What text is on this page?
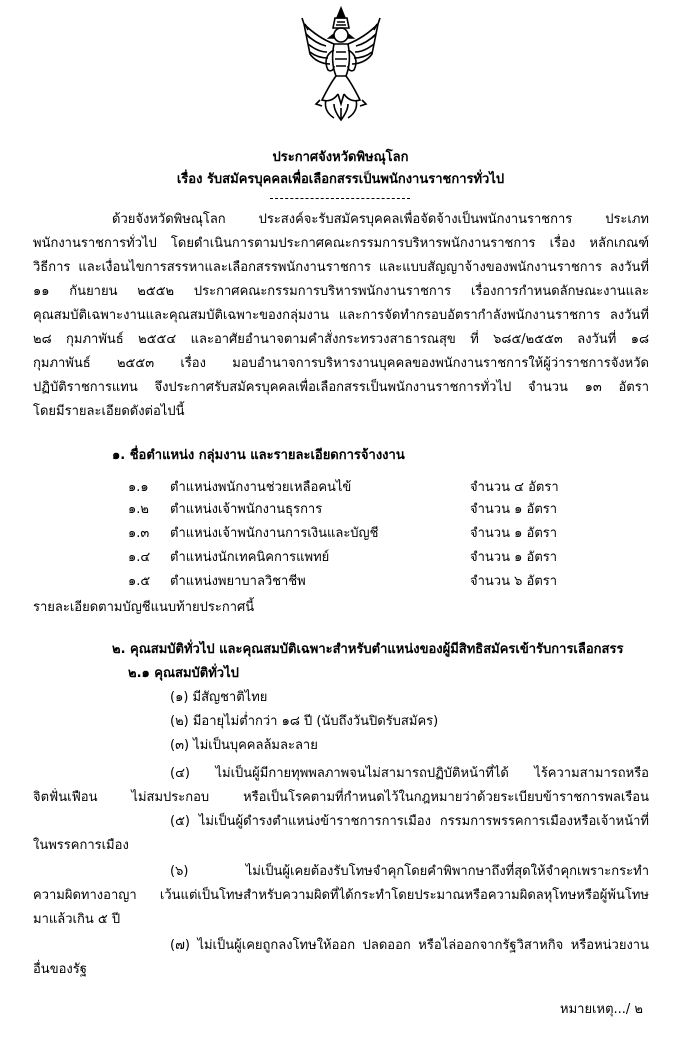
ประกาศจังหวัดพิษณุโลก
เรื่อง รับสมัครบุคคลเพื่อเลือกสรรเป็นพนักงานราชการทั่วไป
ด้วยจังหวัดพิษณุโลก ประสงค์จะรับสมัครบุคคลเพื่อจัดจ้างเป็นพนักงานราชการ ประเภท
พนักงานราชการทั่วไป โดยดำเนินการตามประกาศคณะกรรมการบริหารพนักงานราชการ เรื่อง หลักเกณฑ์
วิธีการ และเงื่อนไขการสรรหาและเลือกสรรพนักงานราชการ และแบบสัญญาจ้างของพนักงานราชการ ลงวันที่
๑๑ กันยายน ๒๕๕๒ ประกาศคณะกรรมการบริหารพนักงานราชการ เรื่องการกำหนดลักษณะงานและ
คุณสมบัติเฉพาะงานและคุณสมบัติเฉพาะของกลุ่มงาน และการจัดทำกรอบอัตรากำลังพนักงานราชการ ลงวันที่
๒๘ กุมภาพันธ์ ๒๕๕๔ และอาศัยอำนาจตามคำสั่งกระทรวงสาธารณสุข ที่ ๖๘๕/๒๕๕๓ ลงวันที่ ๑๘
กุมภาพันธ์ ๒๕๕๓ เรื่อง มอบอำนาจการบริหารงานบุคคลของพนักงานราชการให้ผู้ว่าราชการจังหวัด
ปฏิบัติราชการแทน จึงประกาศรับสมัครบุคคลเพื่อเลือกสรรเป็นพนักงานราชการทั่วไป จำนวน ๑๓ อัตรา
โดยมีรายละเอียดดังต่อไปนี้
๑. ชื่อตำแหน่ง กลุ่มงาน และรายละเอียดการจ้างงาน
๑.๑ ตำแหน่งพนักงานช่วยเหลือคนไข้	จำนวน ๔ อัตรา
๑.๒ ตำแหน่งเจ้าพนักงานธุรการ	จำนวน ๑ อัตรา
๑.๓ ตำแหน่งเจ้าพนักงานการเงินและบัญชี	จำนวน ๑ อัตรา
๑.๔ ตำแหน่งนักเทคนิคการแพทย์	จำนวน ๑ อัตรา
๑.๕ ตำแหน่งพยาบาลวิชาชีพ	จำนวน ๖ อัตรา
รายละเอียดตามบัญชีแนบท้ายประกาศนี้
๒. คุณสมบัติทั่วไป และคุณสมบัติเฉพาะสำหรับตำแหน่งของผู้มีสิทธิสมัครเข้ารับการเลือกสรร
๒.๑ คุณสมบัติทั่วไป
(๑) มีสัญชาติไทย
(๒) มีอายุไม่ต่ำกว่า ๑๘ ปี (นับถึงวันปิดรับสมัคร)
(๓) ไม่เป็นบุคคลล้มละลาย
(๔) ไม่เป็นผู้มีกายทุพพลภาพจนไม่สามารถปฏิบัติหน้าที่ได้ ไร้ความสามารถหรือ
จิตฟั่นเฟือน ไม่สมประกอบ หรือเป็นโรคตามที่กำหนดไว้ในกฎหมายว่าด้วยระเบียบข้าราชการพลเรือน
(๕) ไม่เป็นผู้ดำรงตำแหน่งข้าราชการการเมือง กรรมการพรรคการเมืองหรือเจ้าหน้าที่
ในพรรคการเมือง
(๖) ไม่เป็นผู้เคยต้องรับโทษจำคุกโดยคำพิพากษาถึงที่สุดให้จำคุกเพราะกระทำ
ความผิดทางอาญา เว้นแต่เป็นโทษสำหรับความผิดที่ได้กระทำโดยประมาณหรือความผิดลหุโทษหรือผู้พ้นโทษ
มาแล้วเกิน ๕ ปี
(๗) ไม่เป็นผู้เคยถูกลงโทษให้ออก ปลดออก หรือไล่ออกจากรัฐวิสาหกิจ หรือหน่วยงาน
อื่นของรัฐ
หมายเหตุ.../ ๒
